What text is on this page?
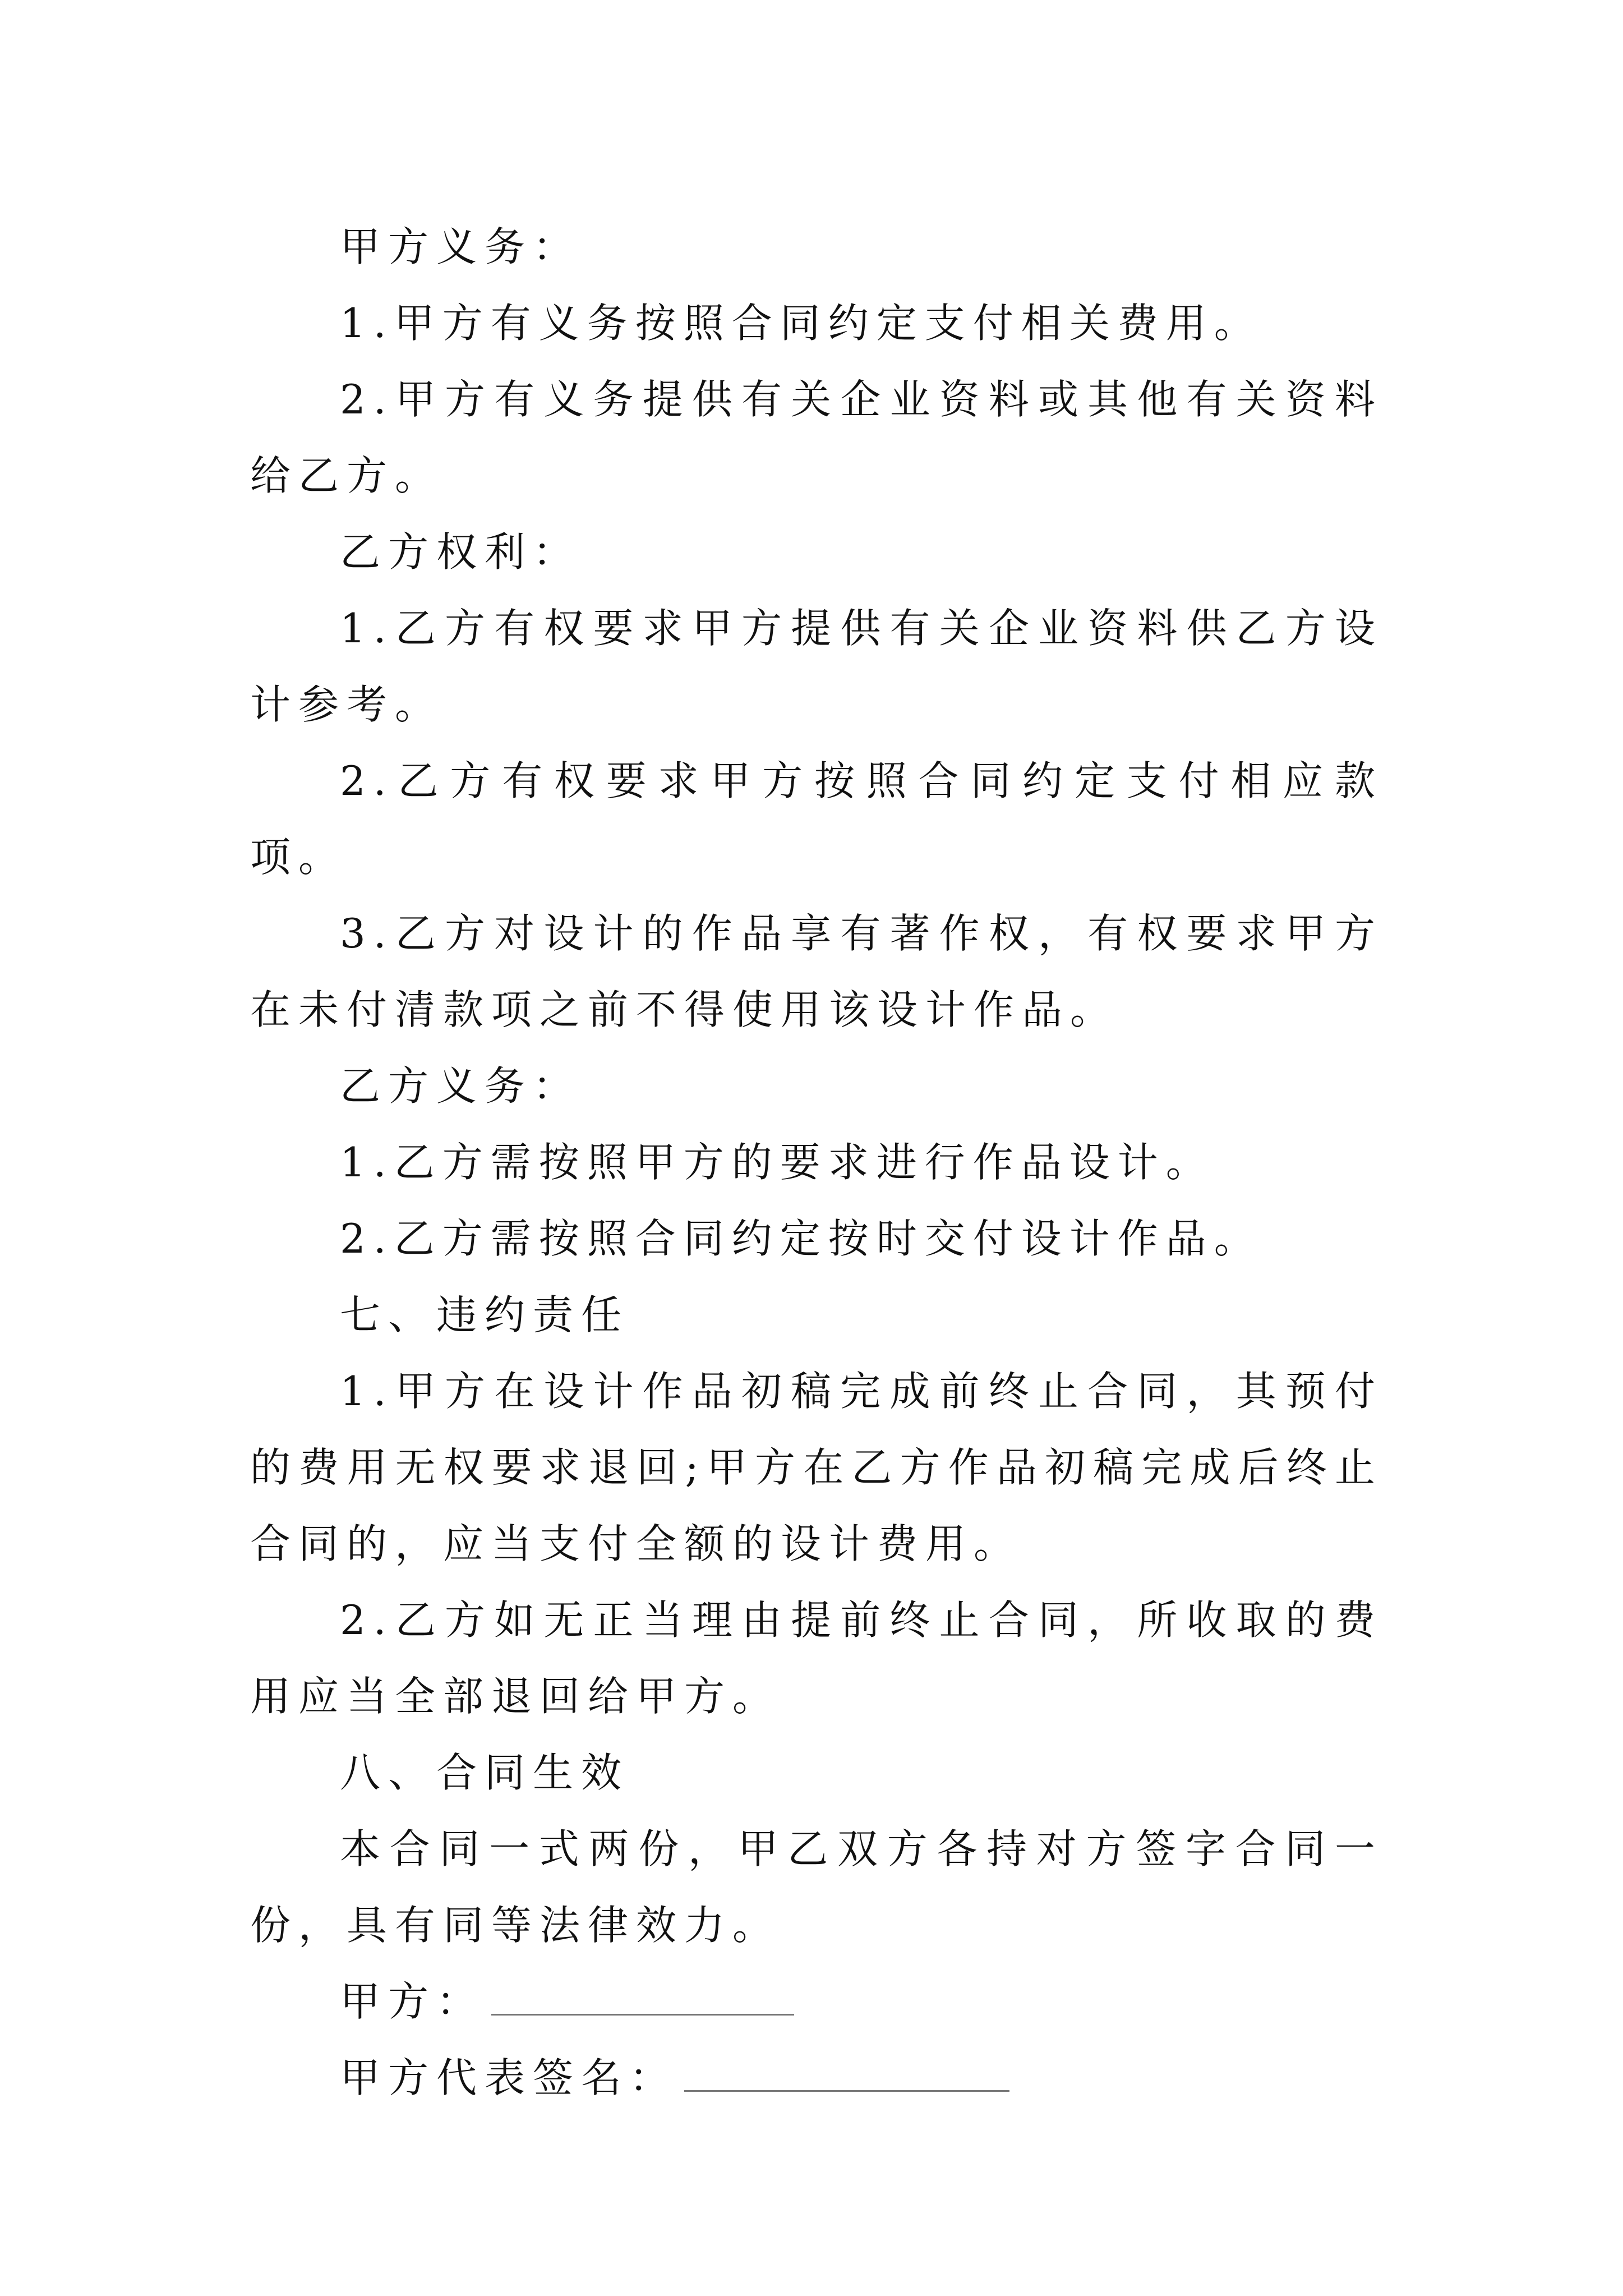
甲方义务：

1.甲方有义务按照合同约定支付相关费用。

2.甲方有义务提供有关企业资料或其他有关资料给乙方。

乙方权利：

1.乙方有权要求甲方提供有关企业资料供乙方设计参考。

2.乙方有权要求甲方按照合同约定支付相应款项。

3.乙方对设计的作品享有著作权，有权要求甲方在未付清款项之前不得使用该设计作品。

乙方义务：

1.乙方需按照甲方的要求进行作品设计。

2.乙方需按照合同约定按时交付设计作品。

七、违约责任

1.甲方在设计作品初稿完成前终止合同，其预付的费用无权要求退回;甲方在乙方作品初稿完成后终止合同的，应当支付全额的设计费用。

2.乙方如无正当理由提前终止合同，所收取的费用应当全部退回给甲方。

八、合同生效

本合同一式两份，甲乙双方各持对方签字合同一份，具有同等法律效力。

甲方：

甲方代表签名：
